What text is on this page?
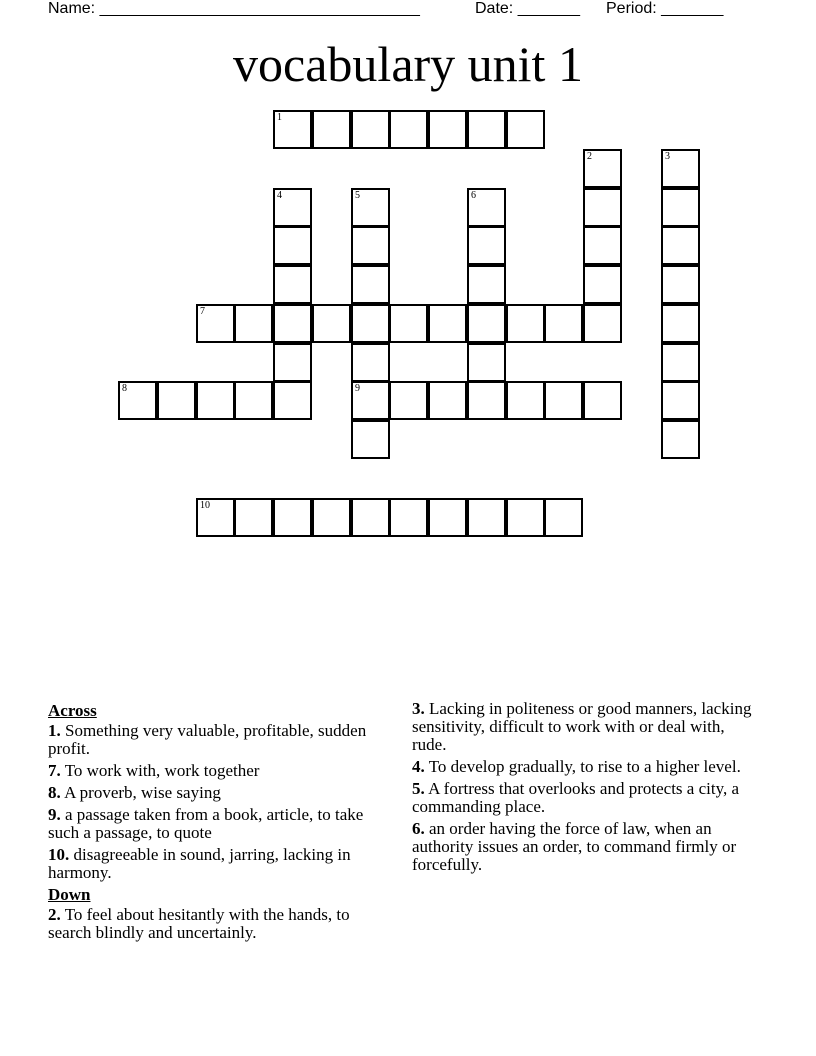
Name: ____________________________________	Date: _______ Period: _______
vocabulary unit 1
1
2	3
4	5
9
6
7
8
10
Across
1. Something very valuable, profitable, sudden profit.
7. To work with, work together
8. A proverb, wise saying
9. a passage taken from a book, article, to take such a passage, to quote
10. disagreeable in sound, jarring, lacking in harmony.
Down
2. To feel about hesitantly with the hands, to search blindly and uncertainly.
3. Lacking in politeness or good manners, lacking sensitivity, difficult to work with or deal with, rude.
4. To develop gradually, to rise to a higher level.
5. A fortress that overlooks and protects a city, a commanding place.
6. an order having the force of law, when an authority issues an order, to command firmly or forcefully.
